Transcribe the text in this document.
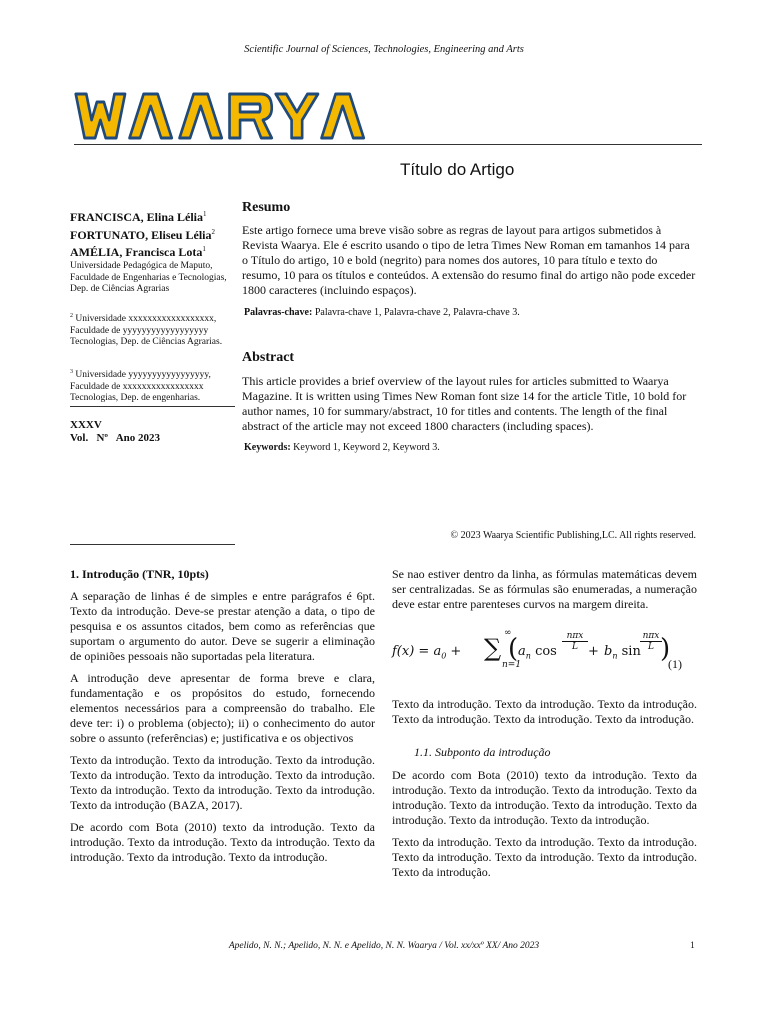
Scientific Journal of Sciences, Technologies, Engineering and Arts
Título do Artigo
FRANCISCA, Elina Lélia$^1$
FORTUNATO, Eliseu Lélia$^2$
AMÉLIA, Francisca Lota$^1$
Universidade Pedagógica de Maputo, Faculdade de Engenharias e Tecnologias, Dep. de Ciências Agrarias
$^2$ Universidade xxxxxxxxxxxxxxxxxx, Faculdade de yyyyyyyyyyyyyyyyyy Tecnologias, Dep. de Ciências Agrarias.
$^3$ Universidade yyyyyyyyyyyyyyyyy, Faculdade de xxxxxxxxxxxxxxxxx Tecnologias, Dep. de engenharias.
XXXV
Vol.   Nº   Ano 2023
Resumo
Este artigo fornece uma breve visão sobre as regras de layout para artigos submetidos à Revista Waarya. Ele é escrito usando o tipo de letra Times New Roman em tamanhos 14 para o Título do artigo, 10 e bold (negrito) para nomes dos autores, 10 para título e texto do resumo, 10 para os títulos e conteúdos. A extensão do resumo final do artigo não pode exceder 1800 caracteres (incluindo espaços).
Palavras-chave: Palavra-chave 1, Palavra-chave 2, Palavra-chave 3.
Abstract
This article provides a brief overview of the layout rules for articles submitted to Waarya Magazine. It is written using Times New Roman font size 14 for the article Title, 10 bold for author names, 10 for summary/abstract, 10 for titles and contents. The length of the final abstract of the article may not exceed 1800 characters (including spaces).
Keywords: Keyword 1, Keyword 2, Keyword 3.
© 2023 Waarya Scientific Publishing,LC. All rights reserved.

1. Introdução (TNR, 10pts)

A separação de linhas é de simples e entre parágrafos é 6pt. Texto da introdução. Deve-se prestar atenção a data, o tipo de pesquisa e os assuntos citados, bem como as referências que suportam o argumento do autor. Deve se sugerir a eliminação de opiniões pessoais não suportadas pela literatura.

A introdução deve apresentar de forma breve e clara, fundamentação e os propósitos do estudo, fornecendo elementos necessários para a compreensão do trabalho. Ele deve ter: i) o problema (objecto); ii) o conhecimento do autor sobre o assunto (referências) e; justificativa e os objectivos

Texto da introdução. Texto da introdução. Texto da introdução. Texto da introdução. Texto da introdução. Texto da introdução. Texto da introdução. Texto da introdução. Texto da introdução. Texto da introdução (BAZA, 2017).

De acordo com Bota (2010) texto da introdução. Texto da introdução. Texto da introdução. Texto da introdução. Texto da introdução. Texto da introdução. Texto da introdução.

Se nao estiver dentro da linha, as fórmulas matemáticas devem ser centralizadas. Se as fórmulas são enumeradas, a numeração deve estar entre parenteses curvos na margem direita.

$f(x) = a_0$ + ∑
∞
n=1
( $a_n$ cos
nπx
$L + b_n$ sin
nπx
L )
(1)

Texto da introdução. Texto da introdução. Texto da introdução. Texto da introdução. Texto da introdução. Texto da introdução.

1.1. Subponto da introdução

De acordo com Bota (2010) texto da introdução. Texto da introdução. Texto da introdução. Texto da introdução. Texto da introdução. Texto da introdução. Texto da introdução. Texto da introdução. Texto da introdução. Texto da introdução.

Texto da introdução. Texto da introdução. Texto da introdução. Texto da introdução. Texto da introdução. Texto da introdução. Texto da introdução.

Apelido, N. N.; Apelido, N. N. e Apelido, N. N. Waarya / Vol. xx/xxº XX/ Ano 2023	1
